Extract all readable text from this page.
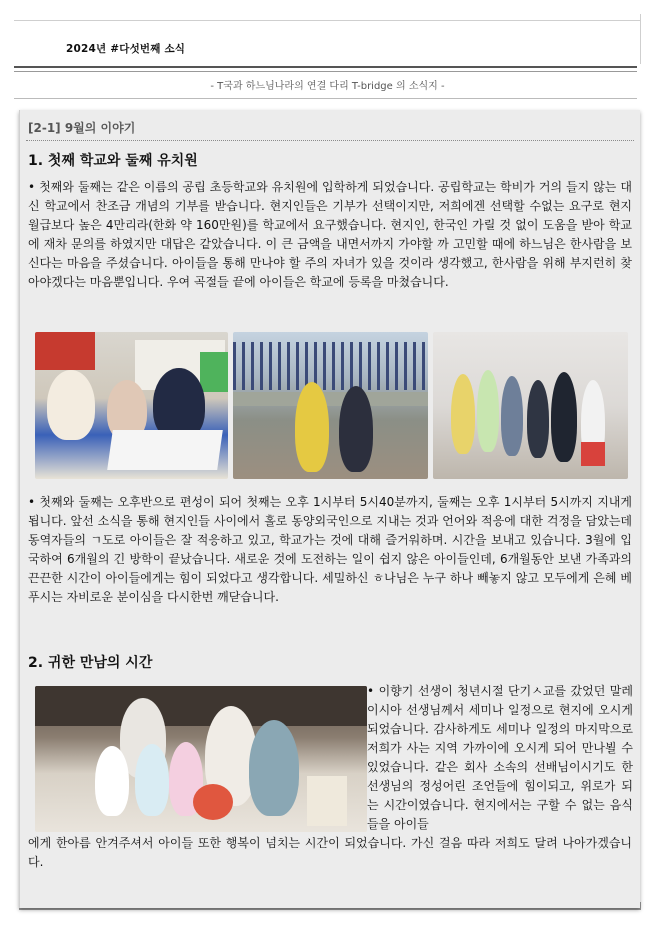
2024년 #다섯번째 소식
- T국과 하느님나라의 연결 다리 T-bridge 의 소식지 -
[2-1] 9월의 이야기
1. 첫째 학교와 둘째 유치원

• 첫째와 둘째는 같은 이름의 공립 초등학교와 유치원에 입학하게 되었습니다. 공립학교는 학비가 거의 들지 않는 대신 학교에서 찬조금 개념의 기부를 받습니다. 현지인들은 기부가 선택이지만, 저희에겐 선택할 수없는 요구로 현지 월급보다 높은 4만리라(한화 약 160만원)를 학교에서 요구했습니다. 현지인, 한국인 가릴 것 없이 도움을 받아 학교에 재차 문의를 하였지만 대답은 같았습니다. 이 큰 금액을 내면서까지 가야할 까 고민할 때에 하느님은 한사람을 보신다는 마음을 주셨습니다. 아이들을 통해 만나야 할 주의 자녀가 있을 것이라 생각했고, 한사람을 위해 부지런히 찾아야겠다는 마음뿐입니다. 우여 곡절들 끝에 아이들은 학교에 등록을 마쳤습니다.

• 첫째와 둘째는 오후반으로 편성이 되어 첫째는 오후 1시부터 5시40분까지, 둘째는 오후 1시부터 5시까지 지내게 됩니다. 앞선 소식을 통해 현지인들 사이에서 홀로 동양외국인으로 지내는 것과 언어와 적응에 대한 걱정을 담았는데 동역자들의 ㄱ도로 아이들은 잘 적응하고 있고, 학교가는 것에 대해 즐거워하며. 시간을 보내고 있습니다. 3월에 입국하여 6개월의 긴 방학이 끝났습니다. 새로운 것에 도전하는 일이 쉽지 않은 아이들인데, 6개월동안 보낸 가족과의 끈끈한 시간이 아이들에게는 힘이 되었다고 생각합니다. 세밀하신 ㅎ나님은 누구 하나 빼놓지 않고 모두에게 은혜 베푸시는 자비로운 분이심을 다시한번 깨닫습니다.

2. 귀한 만남의 시간

• 이향기 선생이 청년시절 단기ㅅ교를 갔었던 말레이시아 선생님께서 세미나 일정으로 현지에 오시게 되었습니다. 감사하게도 세미나 일정의 마지막으로 저희가 사는 지역 가까이에 오시게 되어 만나뵐 수 있었습니다. 같은 회사 소속의 선배님이시기도 한 선생님의 정성어린 조언들에 힘이되고, 위로가 되는 시간이였습니다. 현지에서는 구할 수 없는 음식들을 아이들

에게 한아름 안겨주셔서 아이들 또한 행복이 넘치는 시간이 되었습니다. 가신 걸음 따라 저희도 달려 나아가겠습니다.
